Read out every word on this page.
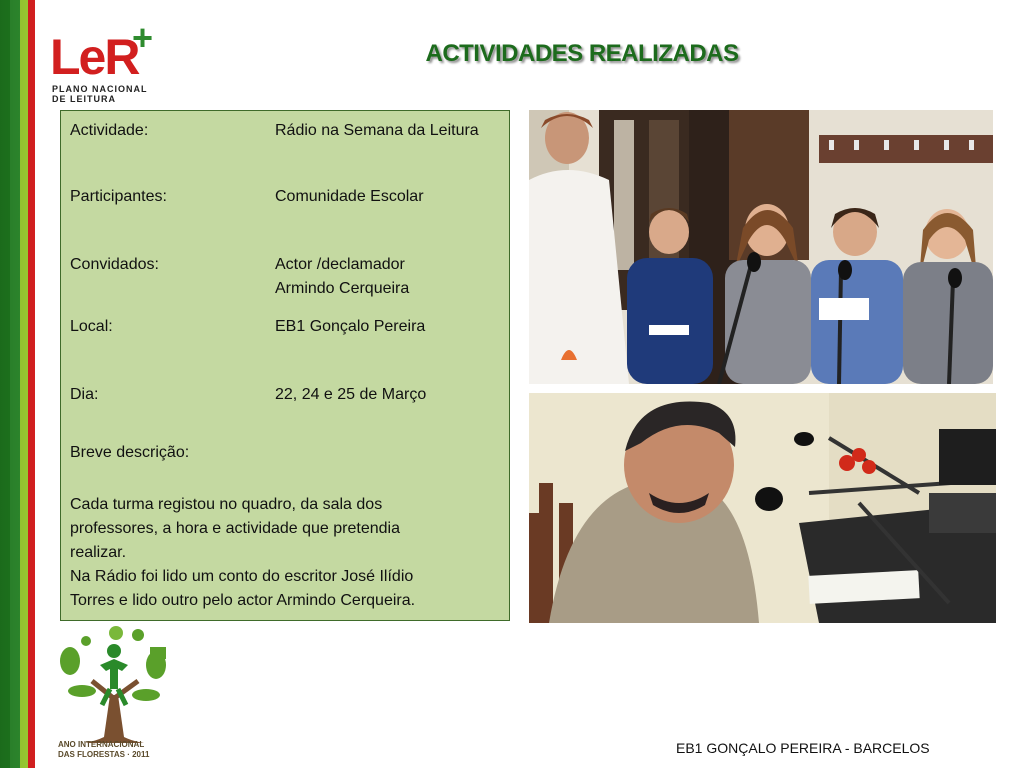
LeR
+
PLANO NACIONAL
DE LEITURA
ACTIVIDADES REALIZADAS
Actividade:	Rádio na Semana da Leitura
Participantes:	Comunidade Escolar
Convidados:	Actor /declamador
Armindo Cerqueira
Local:	EB1 Gonçalo Pereira
Dia:	22, 24 e 25 de Março
Breve descrição:
Cada turma registou no quadro, da sala dos
professores, a hora e actividade que pretendia
realizar.
Na Rádio foi lido um conto do escritor José Ilídio
Torres e lido outro pelo actor Armindo Cerqueira.
ANO INTERNACIONAL
DAS FLORESTAS · 2011	EB1 GONÇALO PEREIRA - BARCELOS
